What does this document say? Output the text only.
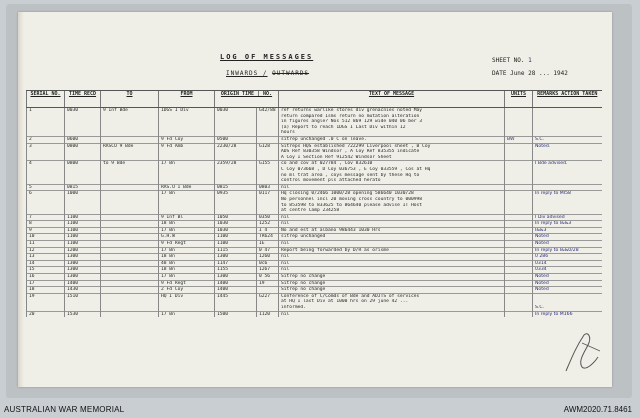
LOG OF MESSAGES
INWARDS / OUTWARDS
SHEET NO. 1
DATE June 28 ... 1942
SERIAL NO.	TIME RECD	TO	FROM	ORIGIN TIME | NO.		TEXT OF MESSAGE	UNITS	REMARKS ACTION TAKEN
1	0030	9 Inf Bde	1DGS I Div	0030	G42/88	ref returns warlike stores div grenacnies noted May		
						return compared Isms return no mutation alteration		
						in figures angle? Nos 512 869 129 wide 040 06 ber 3		
						(a) Report to reach 1DGS I Last Div within 12		
						hours		
2	0600		9 Fd Coy	0500		sitrep unchanged .0 C on leave.	BW	S.C.
3	0800	RASCO 9 Bde	9 Fd Amb	2230/28	G128	Sitreps HQS established 722299 Liverpool sheet , B Coy		Noted.
						ADS Ref 830358 Windsor , A Coy Ref 835355 indicate		
						A Coy I Section Ref 912542 Windsor Sheet		
4	0800	to 9 Bde	17 Bn	2359/28	G155	co and cov at 027784 , Cov 832610		I Bde advised.
						C Coy 073668 , D Coy 036753 , E Coy 033559 , Cos at Hq		
						no ml trat area , coys message sent by these Hq to		
						control movement pls attached herato		
5	0815		RAS.O I Bde	0815	0803	nil		
6	1000		17 Bn	0935	0117	Hq closing 0/2466 1000/28 opening 586640 1030/28		In reply to MI58
						No personnel incl 20 moving cross country to 000998		
						to 853598 to 833625 to 864640 please advise IT Host		
						at centre Camp 234258		
7	1100		9 Inf Bl	1050	0350	nil		I Div advised
8	1100		18 Bn	1030	1252	nil		In reply to I&&3
9	1100		17 Bn	1030	I 4	No and est at albano 986443 1030 Hrs		I&&3
10	1100		G.H.W	1100	TR624	sitrep unchanged		Noted
11	1100		9 Fd Regt	1100	IE	nil		Noted
12	1200		17 Bn	1115	0 47	Report being forwarded by D/R as orisme		In reply to I&&0/28
13	1300		18 Bn	1300	1260	nil		0 286
14	1300		48 Bn	1147	0c6	nil		0314
15	1300		18 Bn	1155	1267	nil		0334
16	1300		17 Bn	1300	0 56	Sitrep no change		Noted
17	1400		9 Fd Regt	1400	19	Sitrep no change		Noted
18	1430		2 Fd Coy	1400		Sitrep no change		Noted
19	1510		HQ I Div	1445	G227	Conference of C/Comds of Bde and ADJTS of services		
						at HQ I last Div at 1000 hrs on 29 june 42 ...		
						informed.		S.C.
20	1530		17 Bn	1500	1120	nil		In reply to M166
AUSTRALIAN WAR MEMORIAL	AWM2020.71.8461
